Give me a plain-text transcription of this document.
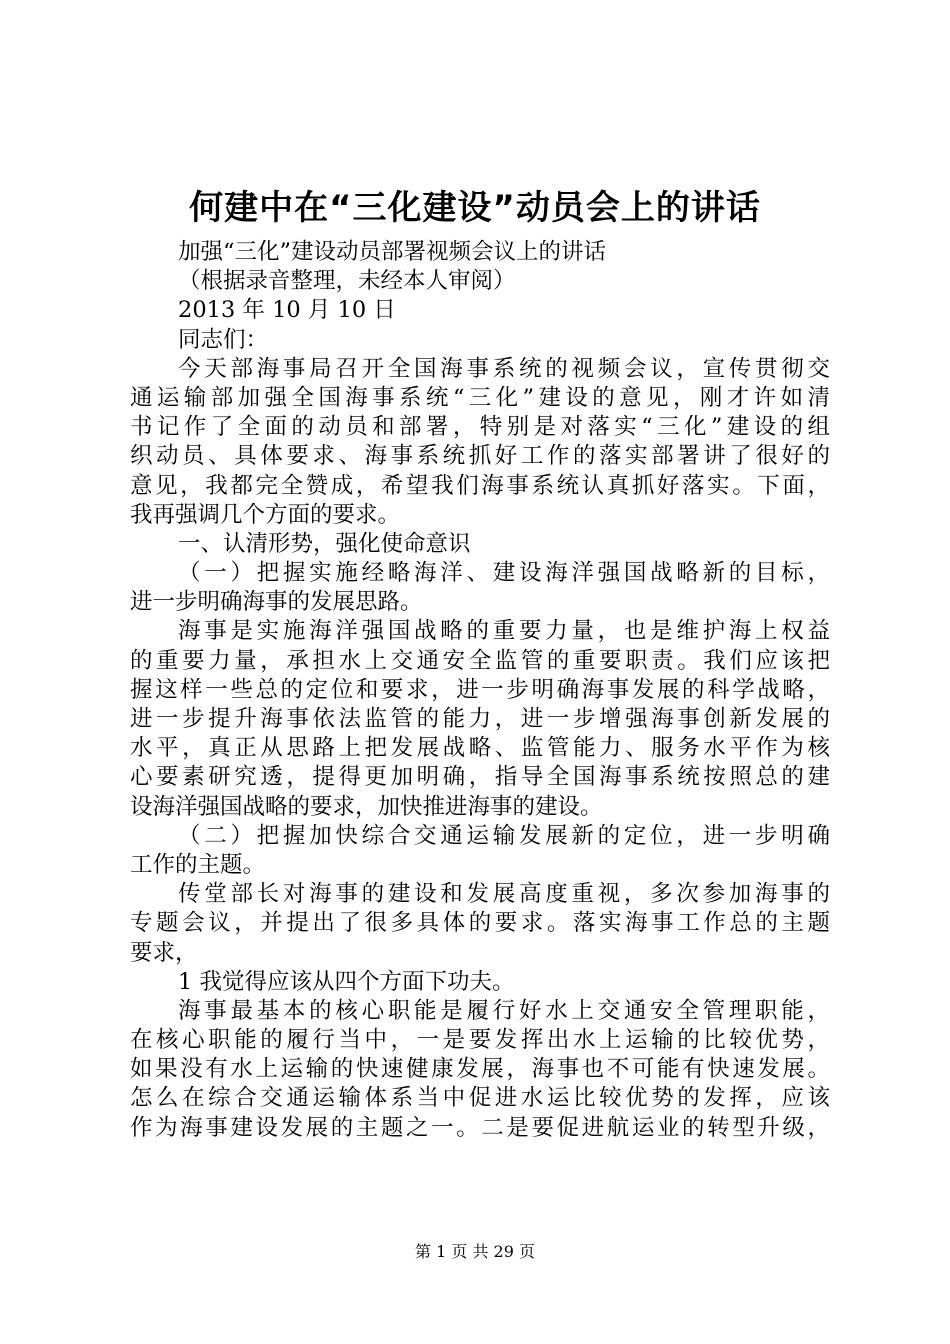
何建中在“三化建设”动员会上的讲话
加强“三化”建设动员部署视频会议上的讲话
（根据录音整理，未经本人审阅）
2013 年 10 月 10 日
同志们：
今天部海事局召开全国海事系统的视频会议，宣传贯彻交
通运输部加强全国海事系统“三化”建设的意见，刚才许如清
书记作了全面的动员和部署，特别是对落实“三化”建设的组
织动员、具体要求、海事系统抓好工作的落实部署讲了很好的
意见，我都完全赞成，希望我们海事系统认真抓好落实。下面，
我再强调几个方面的要求。
一、认清形势，强化使命意识
（一）把握实施经略海洋、建设海洋强国战略新的目标，
进一步明确海事的发展思路。
海事是实施海洋强国战略的重要力量，也是维护海上权益
的重要力量，承担水上交通安全监管的重要职责。我们应该把
握这样一些总的定位和要求，进一步明确海事发展的科学战略，
进一步提升海事依法监管的能力，进一步增强海事创新发展的
水平，真正从思路上把发展战略、监管能力、服务水平作为核
心要素研究透，提得更加明确，指导全国海事系统按照总的建
设海洋强国战略的要求，加快推进海事的建设。
（二）把握加快综合交通运输发展新的定位，进一步明确
工作的主题。
传堂部长对海事的建设和发展高度重视，多次参加海事的
专题会议，并提出了很多具体的要求。落实海事工作总的主题
要求，
1 我觉得应该从四个方面下功夫。
海事最基本的核心职能是履行好水上交通安全管理职能，
在核心职能的履行当中，一是要发挥出水上运输的比较优势，
如果没有水上运输的快速健康发展，海事也不可能有快速发展。
怎么在综合交通运输体系当中促进水运比较优势的发挥，应该
作为海事建设发展的主题之一。二是要促进航运业的转型升级，
第 1 页 共 29 页
